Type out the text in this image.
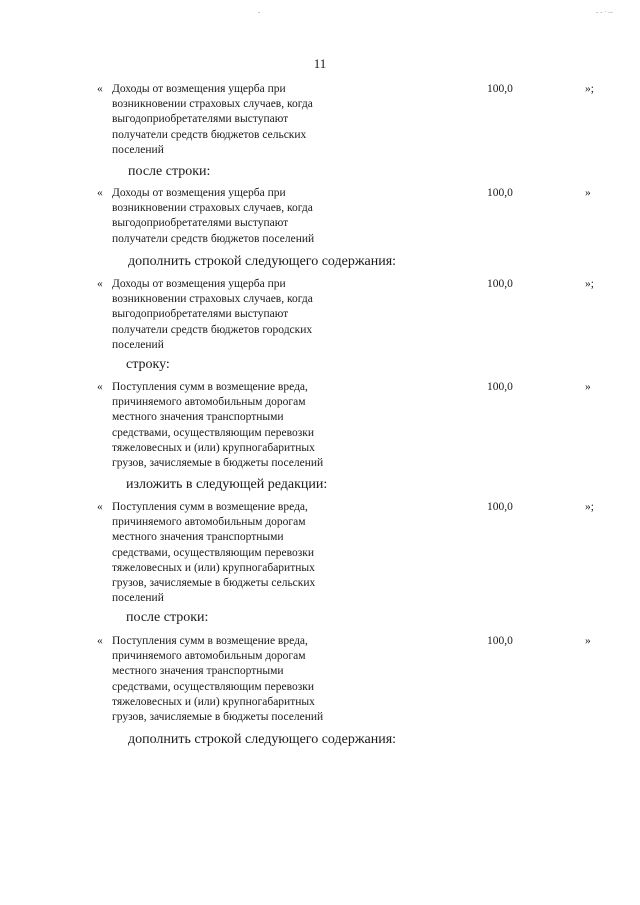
-	- - · --
11
« Доходы от возмещения ущерба при
возникновении страховых случаев, когда
выгодоприобретателями выступают
получатели средств бюджетов сельских
поселений
100,0	»;
после строки:
« Доходы от возмещения ущерба при
возникновении страховых случаев, когда
выгодоприобретателями выступают
получатели средств бюджетов поселений
100,0	»
дополнить строкой следующего содержания:
« Доходы от возмещения ущерба при
возникновении страховых случаев, когда
выгодоприобретателями выступают
получатели средств бюджетов городских
поселений
100,0	»;
строку:
« Поступления сумм в возмещение вреда,
причиняемого автомобильным дорогам
местного значения транспортными
средствами, осуществляющим перевозки
тяжеловесных и (или) крупногабаритных
грузов, зачисляемые в бюджеты поселений
100,0	»
изложить в следующей редакции:
« Поступления сумм в возмещение вреда,
причиняемого автомобильным дорогам
местного значения транспортными
средствами, осуществляющим перевозки
тяжеловесных и (или) крупногабаритных
грузов, зачисляемые в бюджеты сельских
поселений
100,0	»;
после строки:
« Поступления сумм в возмещение вреда,
причиняемого автомобильным дорогам
местного значения транспортными
средствами, осуществляющим перевозки
тяжеловесных и (или) крупногабаритных
грузов, зачисляемые в бюджеты поселений
100,0	»
дополнить строкой следующего содержания:
